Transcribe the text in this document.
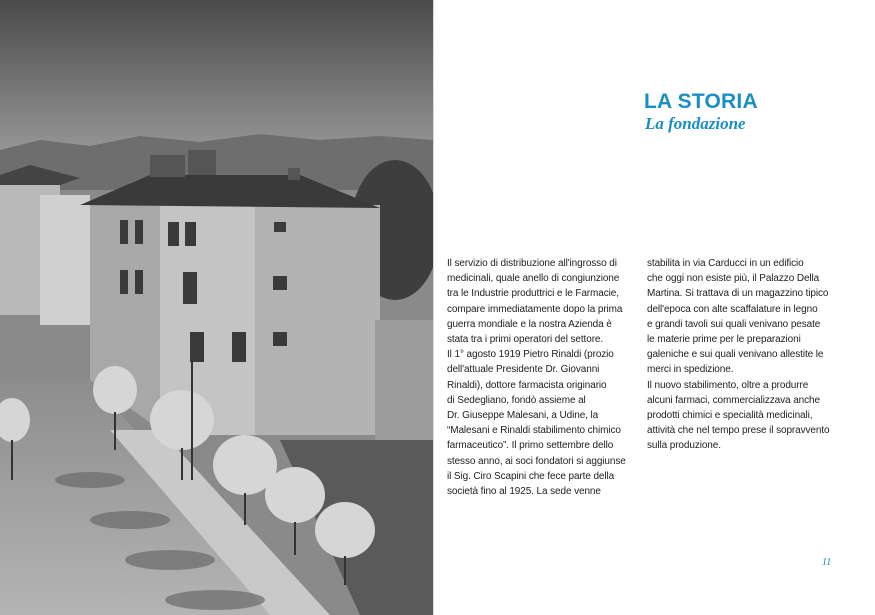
LA STORIA
La fondazione

Il servizio di distribuzione all'ingrosso di

medicinali, quale anello di congiunzione

tra le Industrie produttrici e le Farmacie,

compare immediatamente dopo la prima

guerra mondiale e la nostra Azienda è

stata tra i primi operatori del settore.

Il 1° agosto 1919 Pietro Rinaldi (prozio

dell'attuale Presidente Dr. Giovanni

Rinaldi), dottore farmacista originario

di Sedegliano, fondò assieme al

Dr. Giuseppe Malesani, a Udine, la

“Malesani e Rinaldi stabilimento chimico

farmaceutico”. Il primo settembre dello

stesso anno, ai soci fondatori si aggiunse

il Sig. Ciro Scapini che fece parte della

società fino al 1925. La sede venne

stabilita in via Carducci in un edificio

che oggi non esiste più, il Palazzo Della

Martina. Si trattava di un magazzino tipico

dell'epoca con alte scaffalature in legno

e grandi tavoli sui quali venivano pesate

le materie prime per le preparazioni

galeniche e sui quali venivano allestite le

merci in spedizione.

Il nuovo stabilimento, oltre a produrre

alcuni farmaci, commercializzava anche

prodotti chimici e specialità medicinali,

attività che nel tempo prese il sopravvento

sulla produzione.

11
